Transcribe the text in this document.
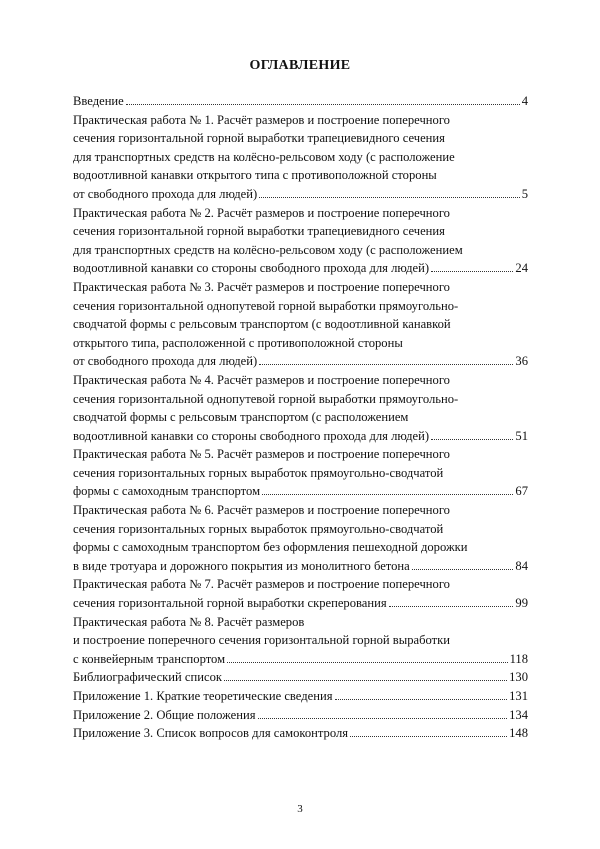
ОГЛАВЛЕНИЕ
Введение	4
Практическая работа № 1. Расчёт размеров и построение поперечного
сечения горизонтальной горной выработки трапециевидного сечения
для транспортных средств на колёсно-рельсовом ходу (с расположение
водоотливной канавки открытого типа с противоположной стороны
от свободного прохода для людей)	5
Практическая работа № 2. Расчёт размеров и построение поперечного
сечения горизонтальной горной выработки трапециевидного сечения
для транспортных средств на колёсно-рельсовом ходу (с расположением
водоотливной канавки со стороны свободного прохода для людей)	24
Практическая работа № 3. Расчёт размеров и построение поперечного
сечения горизонтальной однопутевой горной выработки прямоугольно-
сводчатой формы с рельсовым транспортом (с водоотливной канавкой
открытого типа, расположенной с противоположной стороны
от свободного прохода для людей)	36
Практическая работа № 4. Расчёт размеров и построение поперечного
сечения горизонтальной однопутевой горной выработки прямоугольно-
сводчатой формы с рельсовым транспортом (с расположением
водоотливной канавки со стороны свободного прохода для людей)	51
Практическая работа № 5. Расчёт размеров и построение поперечного
сечения горизонтальных горных выработок прямоугольно-сводчатой
формы с самоходным транспортом	67
Практическая работа № 6. Расчёт размеров и построение поперечного
сечения горизонтальных горных выработок прямоугольно-сводчатой
формы с самоходным транспортом без оформления пешеходной дорожки
в виде тротуара и дорожного покрытия из монолитного бетона	84
Практическая работа № 7. Расчёт размеров и построение поперечного
сечения горизонтальной горной выработки скреперования	99
Практическая работа № 8. Расчёт размеров
и построение поперечного сечения горизонтальной горной выработки
с конвейерным транспортом	118
Библиографический список	130
Приложение 1. Краткие теоретические сведения	131
Приложение 2. Общие положения	134
Приложение 3. Список вопросов для самоконтроля	148
3
